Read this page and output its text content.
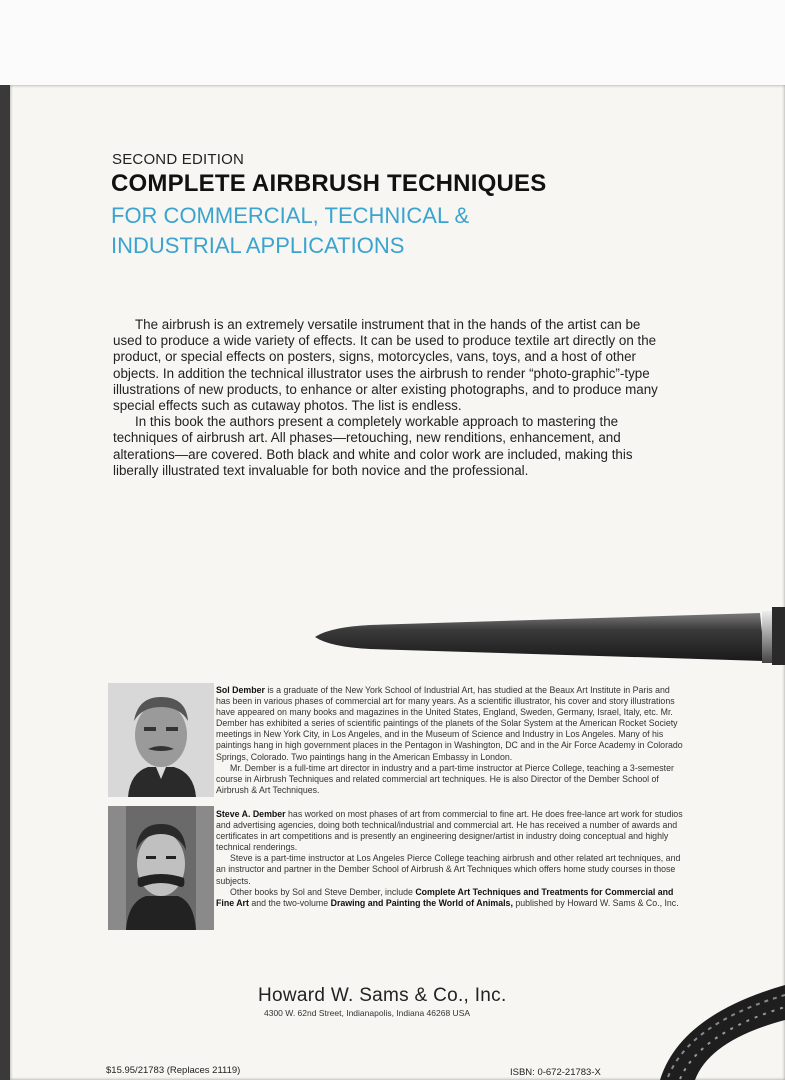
SECOND EDITION
COMPLETE AIRBRUSH TECHNIQUES
FOR COMMERCIAL, TECHNICAL &
INDUSTRIAL APPLICATIONS

The airbrush is an extremely versatile instrument that in the hands of the artist can be used to produce a wide variety of effects. It can be used to produce textile art directly on the product, or special effects on posters, signs, motorcycles, vans, toys, and a host of other objects. In addition the technical illustrator uses the airbrush to render “photo-graphic”-type illustrations of new products, to enhance or alter existing photographs, and to produce many special effects such as cutaway photos. The list is endless.

In this book the authors present a completely workable approach to mastering the techniques of airbrush art. All phases—retouching, new renditions, enhancement, and alterations—are covered. Both black and white and color work are included, making this liberally illustrated text invaluable for both novice and the professional.

Sol Dember is a graduate of the New York School of Industrial Art, has studied at the Beaux Art Institute in Paris and has been in various phases of commercial art for many years. As a scientific illustrator, his cover and story illustrations have appeared on many books and magazines in the United States, England, Sweden, Germany, Israel, Italy, etc. Mr. Dember has exhibited a series of scientific paintings of the planets of the Solar System at the American Rocket Society meetings in New York City, in Los Angeles, and in the Museum of Science and Industry in Los Angeles. Many of his paintings hang in high government places in the Pentagon in Washington, DC and in the Air Force Academy in Colorado Springs, Colorado. Two paintings hang in the American Embassy in London.

Mr. Dember is a full-time art director in industry and a part-time instructor at Pierce College, teaching a 3-semester course in Airbrush Techniques and related commercial art techniques. He is also Director of the Dember School of Airbrush & Art Techniques.

Steve A. Dember has worked on most phases of art from commercial to fine art. He does free-lance art work for studios and advertising agencies, doing both technical/industrial and commercial art. He has received a number of awards and certificates in art competitions and is presently an engineering designer/artist in industry doing conceptual and highly technical renderings.

Steve is a part-time instructor at Los Angeles Pierce College teaching airbrush and other related art techniques, and an instructor and partner in the Dember School of Airbrush & Art Techniques which offers home study courses in those subjects.

Other books by Sol and Steve Dember, include Complete Art Techniques and Treatments for Commercial and Fine Art and the two-volume Drawing and Painting the World of Animals, published by Howard W. Sams & Co., Inc.

Howard W. Sams & Co., Inc.
4300 W. 62nd Street, Indianapolis, Indiana 46268 USA
$15.95/21783 (Replaces 21119)	ISBN: 0-672-21783-X
